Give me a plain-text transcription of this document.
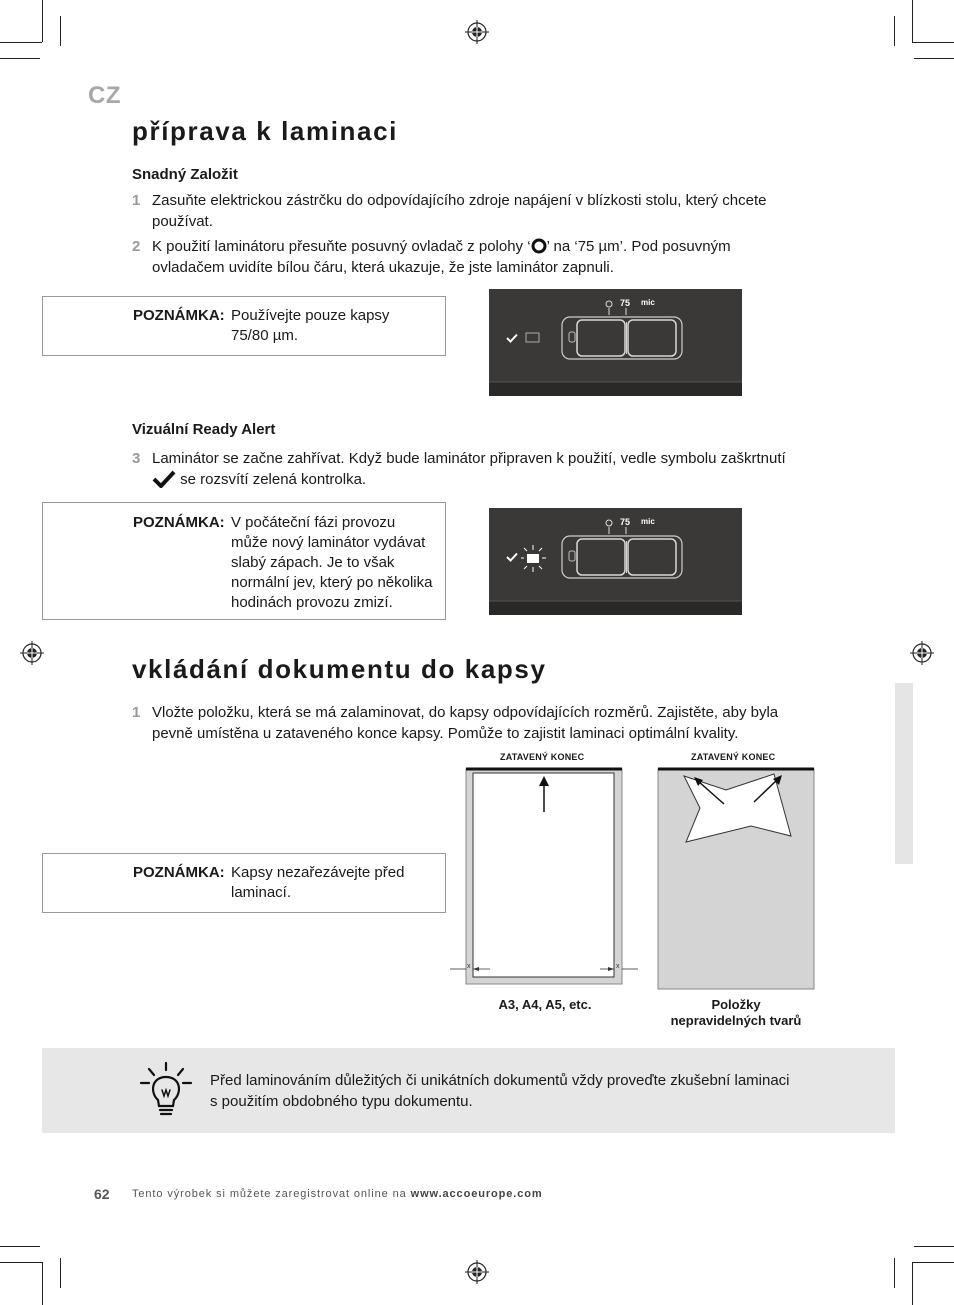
CZ
příprava k laminaci
Snadný Založit
1 Zasuňte elektrickou zástrčku do odpovídajícího zdroje napájení v blízkosti stolu, který chcete
používat.
2 K použití laminátoru přesuňte posuvný ovladač z polohy ‘ ’ na ‘75 µm’. Pod posuvným
ovladačem uvidíte bílou čáru, která ukazuje, že jste laminátor zapnuli.
POZNÁMKA: Používejte pouze kapsy
75/80 µm.
75 mic
Vizuální Ready Alert
3 Laminátor se začne zahřívat. Když bude laminátor připraven k použití, vedle symbolu zaškrtnutí
se rozsvítí zelená kontrolka.
POZNÁMKA: V počáteční fázi provozu
může nový laminátor vydávat
slabý zápach. Je to však
normální jev, který po několika
hodinách provozu zmizí.
75 mic
vkládání dokumentu do kapsy
1 Vložte položku, která se má zalaminovat, do kapsy odpovídajících rozměrů. Zajistěte, aby byla
pevně umístěna u zataveného konce kapsy. Pomůže to zajistit laminaci optimální kvality.
POZNÁMKA: Kapsy nezařezávejte před
laminací.
ZATAVENÝ KONEC
x	x
A3, A4, A5, etc.
ZATAVENÝ KONEC
Položky
nepravidelných tvarů
Před laminováním důležitých či unikátních dokumentů vždy proveďte zkušební laminaci
s použitím obdobného typu dokumentu.
62 Tento výrobek si můžete zaregistrovat online na www.accoeurope.com
